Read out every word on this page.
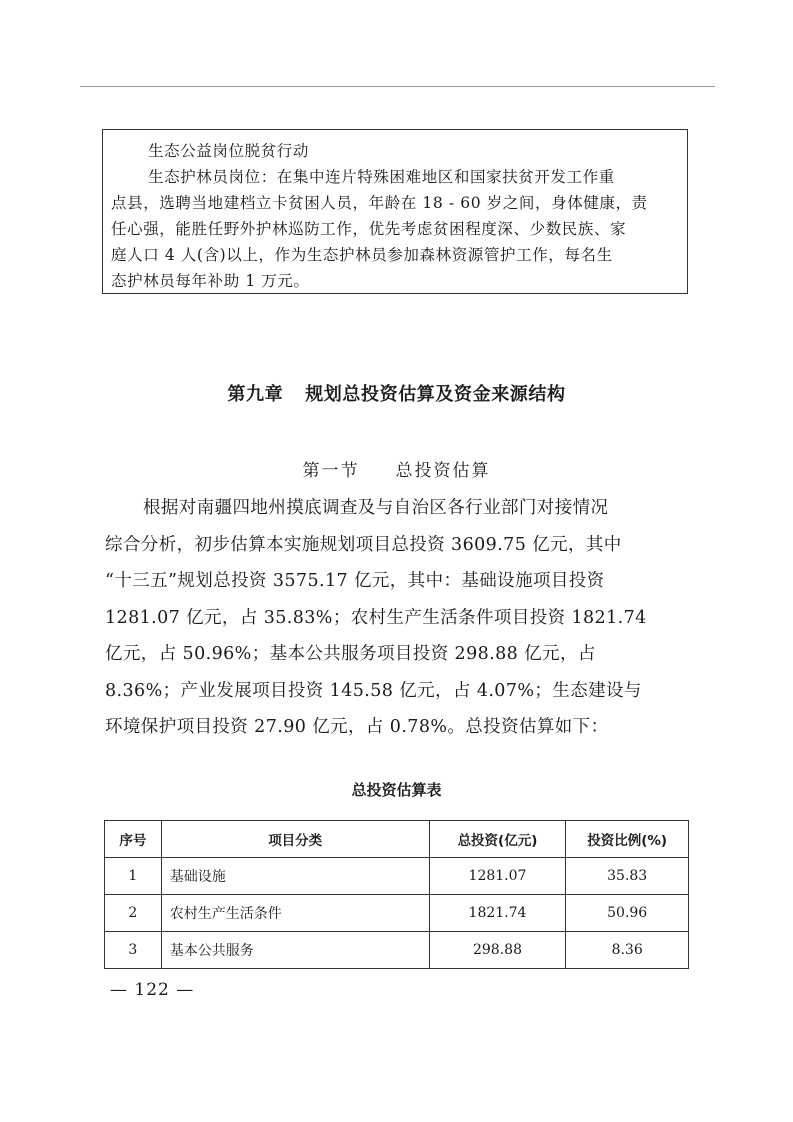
生态公益岗位脱贫行动
生态护林员岗位：在集中连片特殊困难地区和国家扶贫开发工作重
点县，选聘当地建档立卡贫困人员，年龄在 18 - 60 岁之间，身体健康，责
任心强，能胜任野外护林巡防工作，优先考虑贫困程度深、少数民族、家
庭人口 4 人(含)以上，作为生态护林员参加森林资源管护工作，每名生
态护林员每年补助 1 万元。
第九章 规划总投资估算及资金来源结构
第一节 总投资估算
根据对南疆四地州摸底调查及与自治区各行业部门对接情况
综合分析，初步估算本实施规划项目总投资 3609.75 亿元，其中
“十三五”规划总投资 3575.17 亿元，其中：基础设施项目投资
1281.07 亿元，占 35.83%；农村生产生活条件项目投资 1821.74
亿元，占 50.96%；基本公共服务项目投资 298.88 亿元，占
8.36%；产业发展项目投资 145.58 亿元，占 4.07%；生态建设与
环境保护项目投资 27.90 亿元，占 0.78%。总投资估算如下：
总投资估算表
序号	项目分类	总投资(亿元)	投资比例(%)
1	基础设施	1281.07	35.83
2	农村生产生活条件	1821.74	50.96
3	基本公共服务	298.88	8.36
— 122 —
